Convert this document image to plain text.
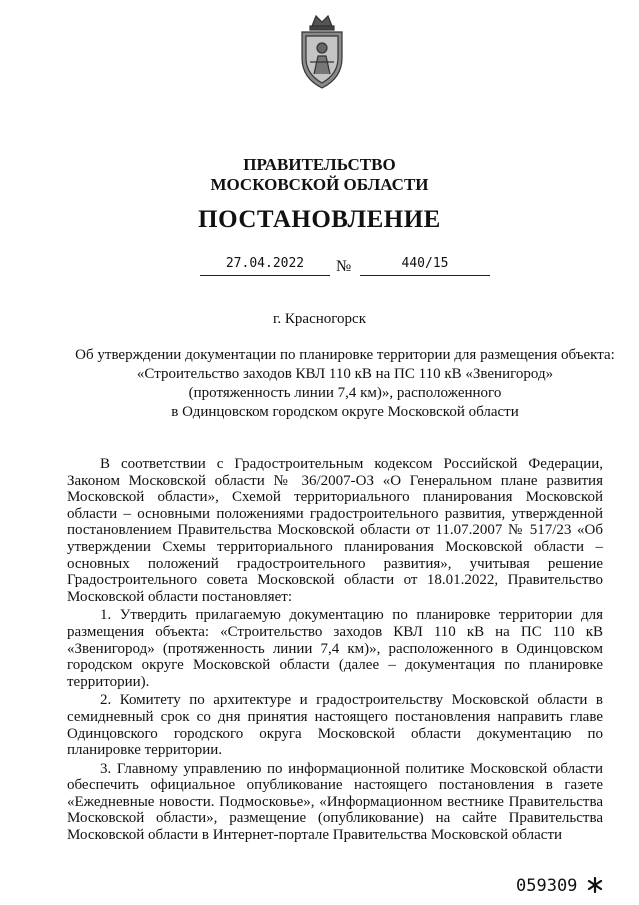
ПРАВИТЕЛЬСТВО
МОСКОВСКОЙ ОБЛАСТИ
ПОСТАНОВЛЕНИЕ
27.04.2022	№	440/15
г. Красногорск
Об утверждении документации по планировке территории для размещения объекта:
«Строительство заходов КВЛ 110 кВ на ПС 110 кВ «Звенигород»
(протяженность линии 7,4 км)», расположенного
в Одинцовском городском округе Московской области

В соответствии с Градостроительным кодексом Российской Федерации, Законом Московской области № 36/2007-ОЗ «О Генеральном плане развития Московской области», Схемой территориального планирования Московской области – основными положениями градостроительного развития, утвержденной постановлением Правительства Московской области от 11.07.2007 № 517/23 «Об утверждении Схемы территориального планирования Московской области – основных положений градостроительного развития», учитывая решение Градостроительного совета Московской области от 18.01.2022, Правительство Московской области постановляет:

1. Утвердить прилагаемую документацию по планировке территории для размещения объекта: «Строительство заходов КВЛ 110 кВ на ПС 110 кВ «Звенигород» (протяженность линии 7,4 км)», расположенного в Одинцовском городском округе Московской области (далее – документация по планировке территории).

2. Комитету по архитектуре и градостроительству Московской области в семидневный срок со дня принятия настоящего постановления направить главе Одинцовского городского округа Московской области документацию по планировке территории.

3. Главному управлению по информационной политике Московской области обеспечить официальное опубликование настоящего постановления в газете «Ежедневные новости. Подмосковье», «Информационном вестнике Правительства Московской области», размещение (опубликование) на сайте Правительства Московской области в Интернет-портале Правительства Московской области

059309
